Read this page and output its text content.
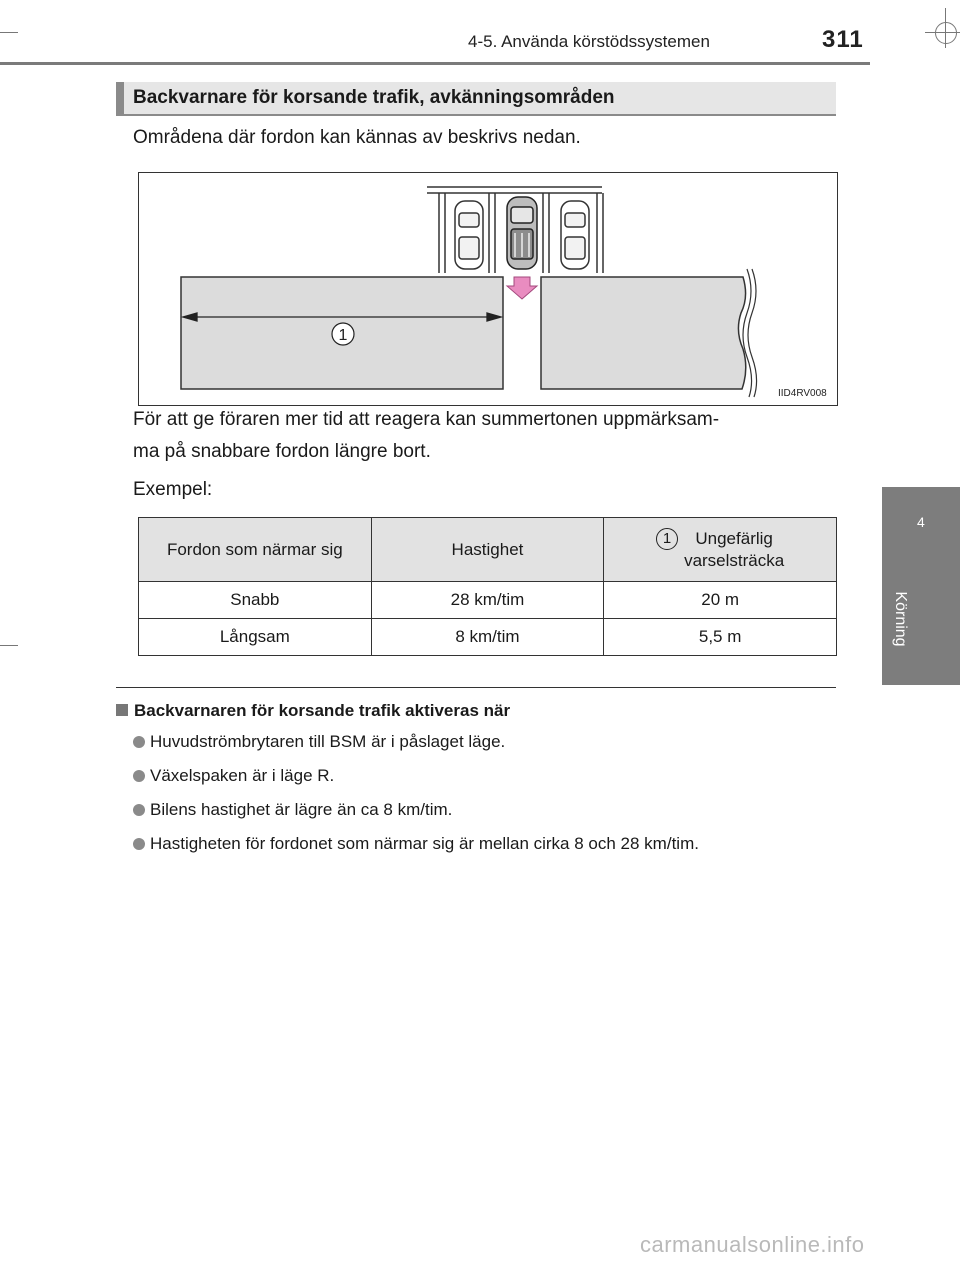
4-5. Använda körstödssystemen	311
4
Körning
Backvarnare för korsande trafik, avkänningsområden
Områdena där fordon kan kännas av beskrivs nedan.
1
IID4RV008
För att ge föraren mer tid att reagera kan summertonen uppmärksam-
ma på snabbare fordon längre bort.
Exempel:
Fordon som närmar sig	Hastighet	1 Ungefärlig
varselsträcka
Snabb	28 km/tim	20 m
Långsam	8 km/tim	5,5 m
Backvarnaren för korsande trafik aktiveras när
Huvudströmbrytaren till BSM är i påslaget läge.
Växelspaken är i läge R.
Bilens hastighet är lägre än ca 8 km/tim.
Hastigheten för fordonet som närmar sig är mellan cirka 8 och 28 km/tim.
carmanualsonline.info
